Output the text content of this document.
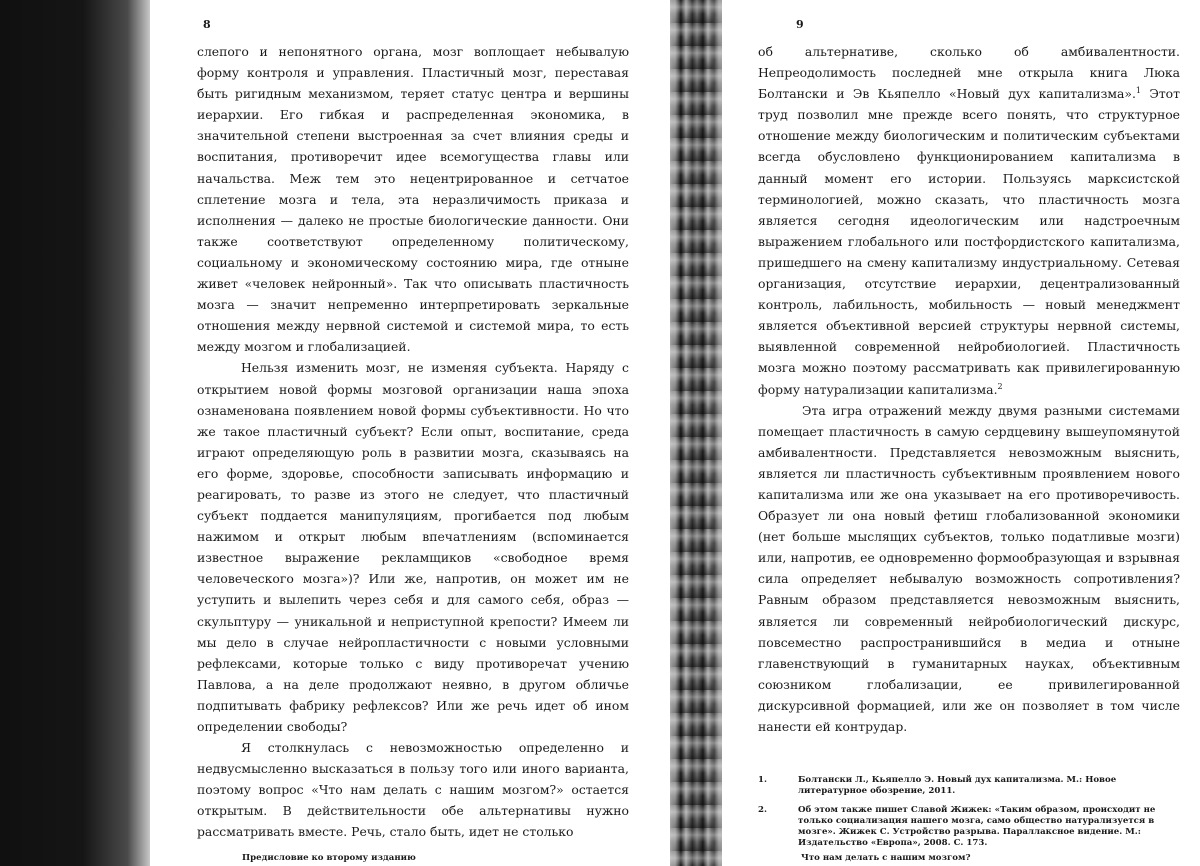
8

слепого и непонятного органа, мозг воплощает небывалую форму контроля и управления. Пластичный мозг, переставая быть ригидным механизмом, теряет статус центра и вершины иерархии. Его гибкая и распределенная экономика, в значительной степени выстроенная за счет влияния среды и воспитания, противоречит идее всемогущества главы или начальства. Меж тем это нецентрированное и сетчатое сплетение мозга и тела, эта неразличимость приказа и исполнения — далеко не простые биологические данности. Они также соответствуют определенному политическому, социальному и экономическому состоянию мира, где отныне живет «человек нейронный». Так что описывать пластичность мозга — значит непременно интерпретировать зеркальные отношения между нервной системой и системой мира, то есть между мозгом и глобализацией.

Нельзя изменить мозг, не изменяя субъекта. Наряду с открытием новой формы мозговой организации наша эпоха ознаменована появлением новой формы субъективности. Но что же такое пластичный субъект? Если опыт, воспитание, среда играют определяющую роль в развитии мозга, сказываясь на его форме, здоровье, способности записывать информацию и реагировать, то разве из этого не следует, что пластичный субъект поддается манипуляциям, прогибается под любым нажимом и открыт любым впечатлениям (вспоминается известное выражение рекламщиков «свободное время человеческого мозга»)? Или же, напротив, он может им не уступить и вылепить через себя и для самого себя, образ — скульптуру — уникальной и неприступной крепости? Имеем ли мы дело в случае нейропластичности с новыми условными рефлексами, которые только с виду противоречат учению Павлова, а на деле продолжают неявно, в другом обличье подпитывать фабрику рефлексов? Или же речь идет об ином определении свободы?

Я столкнулась с невозможностью определенно и недвусмысленно высказаться в пользу того или иного варианта, поэтому вопрос «Что нам делать с нашим мозгом?» остается открытым. В действительности обе альтернативы нужно рассматривать вместе. Речь, стало быть, идет не столько

Предисловие ко второму изданию
9

об альтернативе, сколько об амбивалентности. Непреодолимость последней мне открыла книга Люка Болтански и Эв Кьяпелло «Новый дух капитализма».$^1$ Этот труд позволил мне прежде всего понять, что структурное отношение между биологическим и политическим субъектами всегда обусловлено функционированием капитализма в данный момент его истории. Пользуясь марксистской терминологией, можно сказать, что пластичность мозга является сегодня идеологическим или надстроечным выражением глобального или постфордистского капитализма, пришедшего на смену капитализму индустриальному. Сетевая организация, отсутствие иерархии, децентрализованный контроль, лабильность, мобильность — новый менеджмент является объективной версией структуры нервной системы, выявленной современной нейробиологией. Пластичность мозга можно поэтому рассматривать как привилегированную форму натурализации капитализма.$^2$

Эта игра отражений между двумя разными системами помещает пластичность в самую сердцевину вышеупомянутой амбивалентности. Представляется невозможным выяснить, является ли пластичность субъективным проявлением нового капитализма или же она указывает на его противоречивость. Образует ли она новый фетиш глобализованной экономики (нет больше мыслящих субъектов, только податливые мозги) или, напротив, ее одновременно формообразующая и взрывная сила определяет небывалую возможность сопротивления? Равным образом представляется невозможным выяснить, является ли современный нейробиологический дискурс, повсеместно распространившийся в медиа и отныне главенствующий в гуманитарных науках, объективным союзником глобализации, ее привилегированной дискурсивной формацией, или же он позволяет в том числе нанести ей контрудар.

1.	Болтански Л., Кьяпелло Э. Новый дух капитализма. М.: Новое литературное обозрение, 2011.
2.	Об этом также пишет Славой Жижек: «Таким образом, происходит не только социализация нашего мозга, само общество натурализуется в мозге». Жижек С. Устройство разрыва. Параллаксное видение. М.: Издательство «Европа», 2008. С. 173.
Что нам делать с нашим мозгом?
